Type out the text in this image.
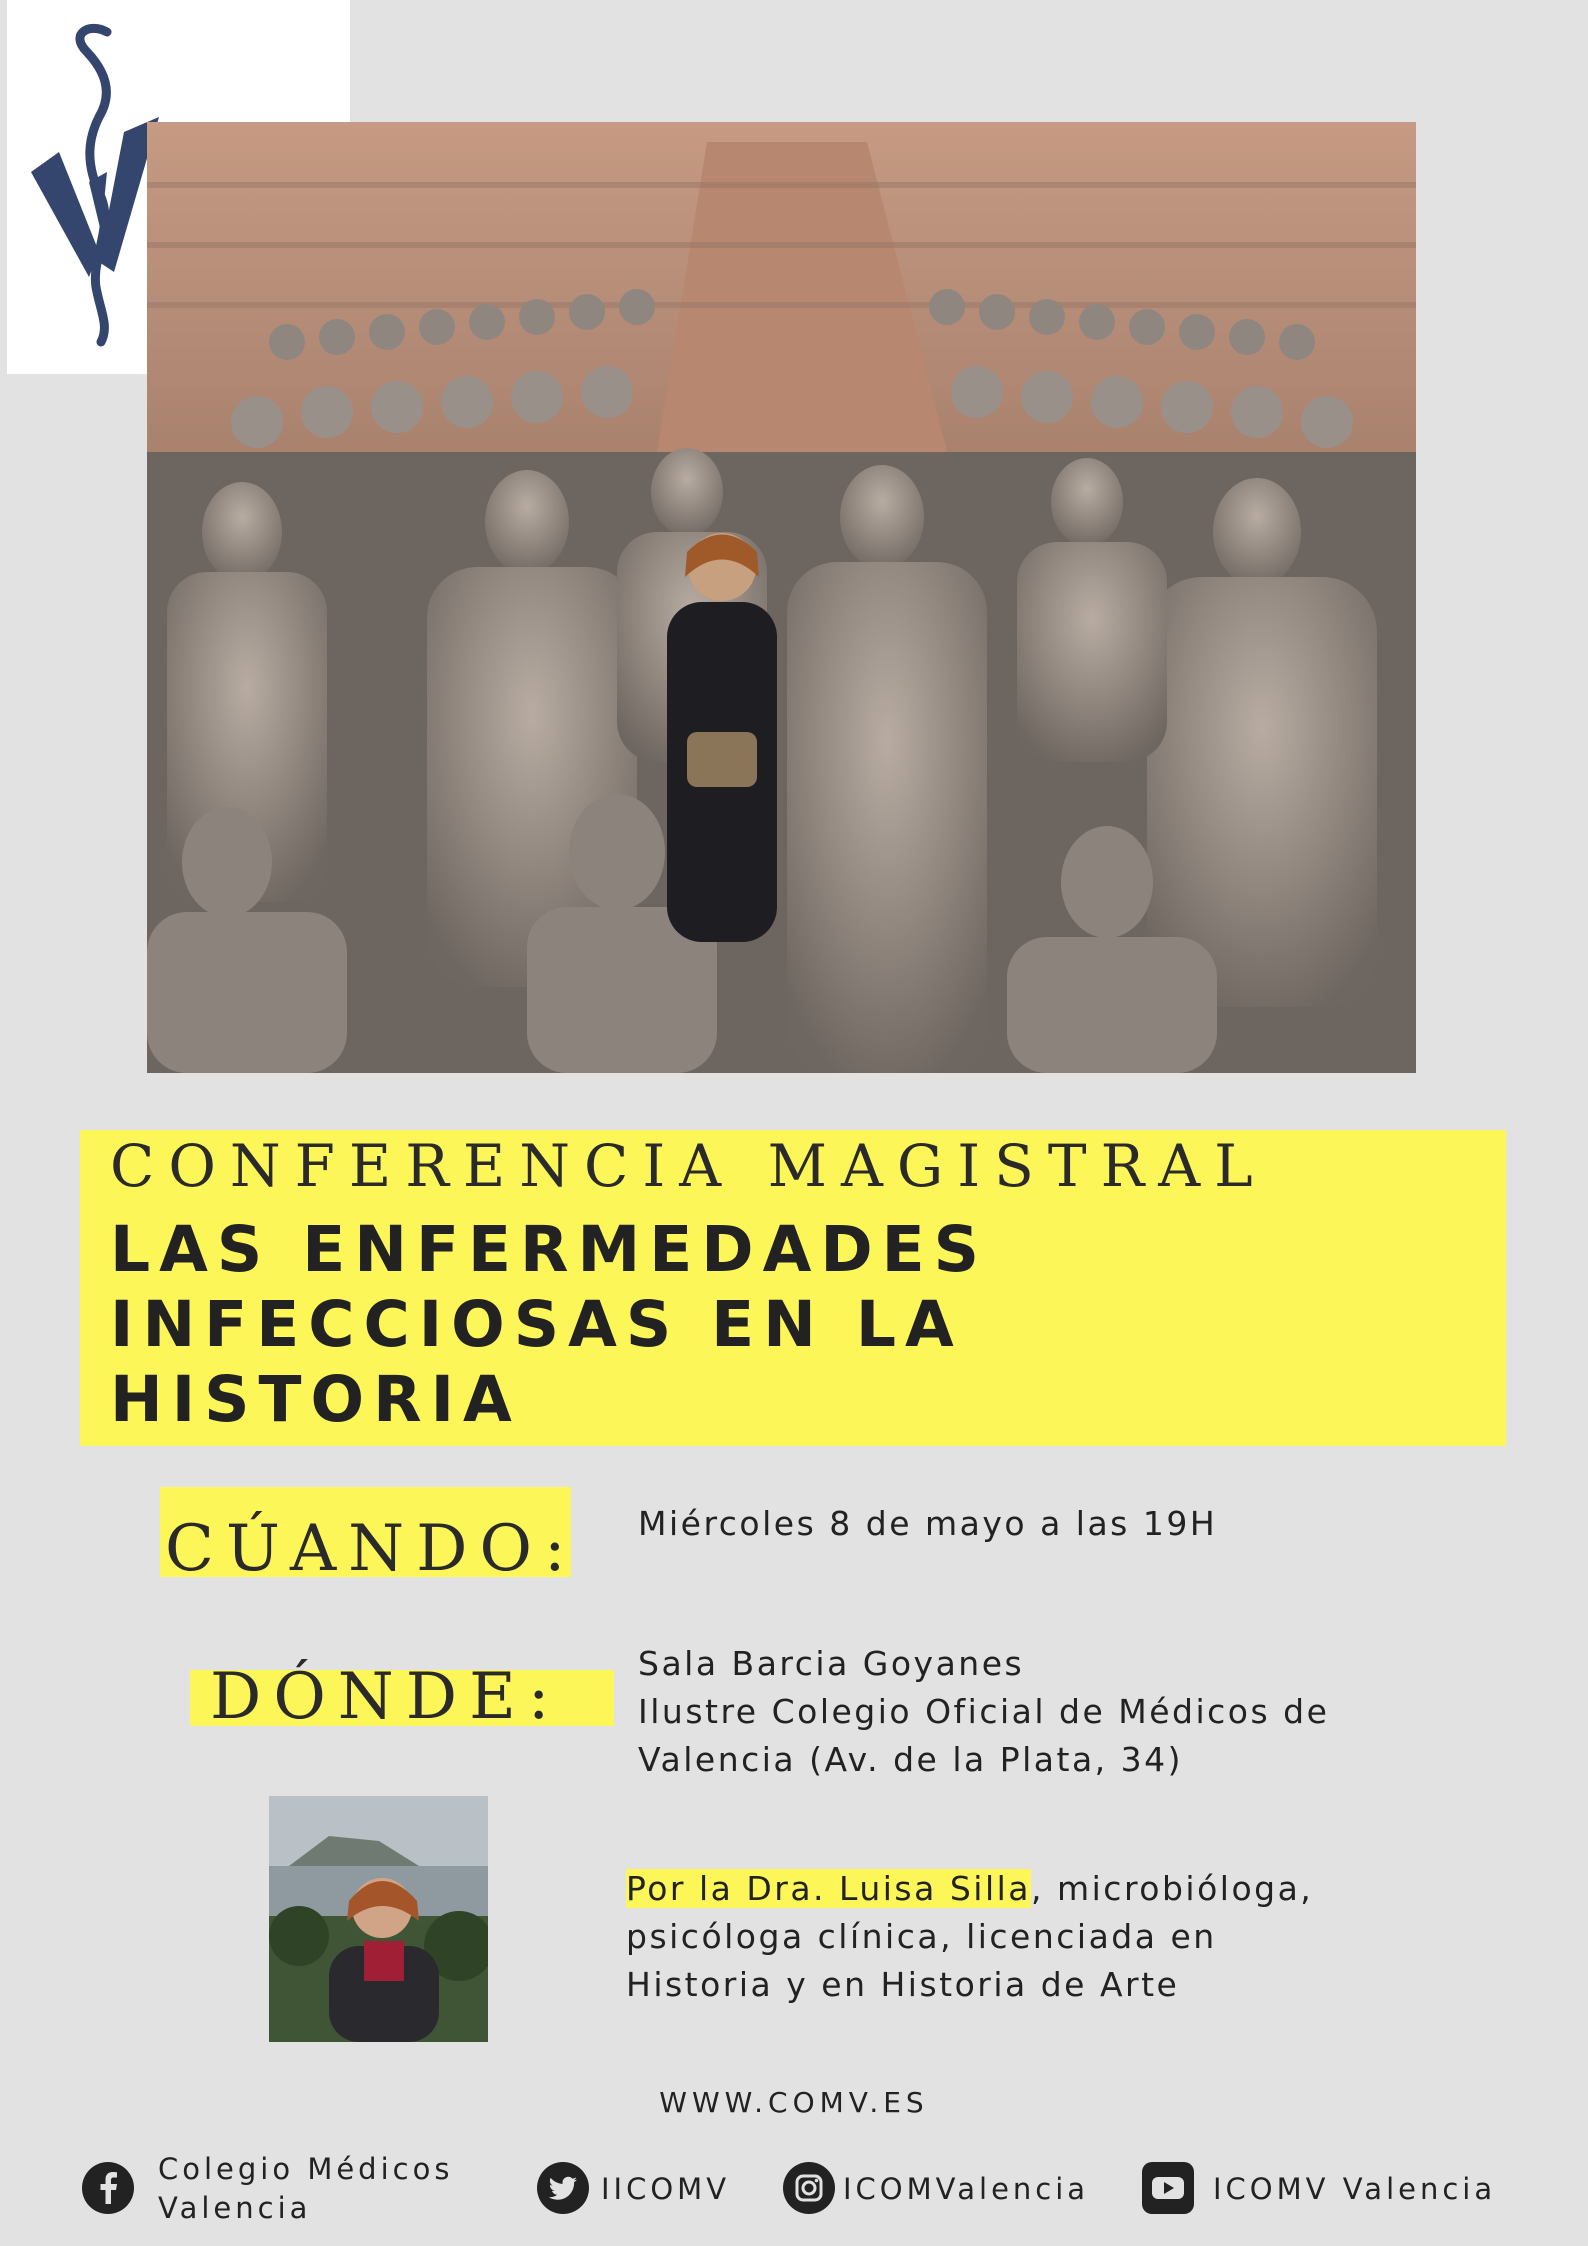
CONFERENCIA MAGISTRAL
LAS ENFERMEDADES
INFECCIOSAS EN LA
HISTORIA
CÚANDO: Miércoles 8 de mayo a las 19H
DÓNDE: Sala Barcia Goyanes
Ilustre Colegio Oficial de Médicos de
Valencia (Av. de la Plata, 34)
Por la Dra. Luisa Silla, microbióloga,
psicóloga clínica, licenciada en
Historia y en Historia de Arte
WWW.COMV.ES
Colegio Médicos
Valencia
IICOMV	ICOMValencia	ICOMV Valencia
